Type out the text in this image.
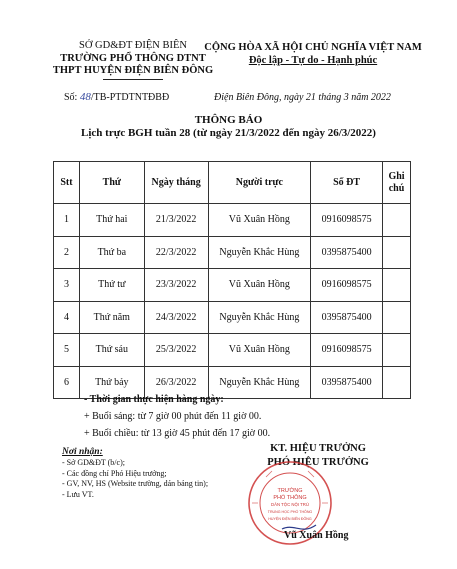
SỞ GD&ĐT ĐIỆN BIÊN
TRƯỜNG PHỔ THÔNG DTNT
THPT HUYỆN ĐIỆN BIÊN ĐÔNG
CỘNG HÒA XÃ HỘI CHỦ NGHĨA VIỆT NAM
Độc lập - Tự do - Hạnh phúc
Số: 48/TB-PTDTNTĐBĐ	Điện Biên Đông, ngày 21 tháng 3 năm 2022
THÔNG BÁO
Lịch trực BGH tuần 28 (từ ngày 21/3/2022 đến ngày 26/3/2022)
Stt	Thứ	Ngày tháng	Người trực	Số ĐT	Ghi chú
1	Thứ hai	21/3/2022	Vũ Xuân Hồng	0916098575	
2	Thứ ba	22/3/2022	Nguyễn Khắc Hùng	0395875400	
3	Thứ tư	23/3/2022	Vũ Xuân Hồng	0916098575	
4	Thứ năm	24/3/2022	Nguyễn Khắc Hùng	0395875400	
5	Thứ sáu	25/3/2022	Vũ Xuân Hồng	0916098575	
6	Thứ bảy	26/3/2022	Nguyễn Khắc Hùng	0395875400	
- Thời gian thực hiện hàng ngày:
+ Buổi sáng: từ 7 giờ 00 phút đến 11 giờ 00.
+ Buổi chiều: từ 13 giờ 45 phút đến 17 giờ 00.
Nơi nhận:
- Sở GD&ĐT (b/c);
- Các đồng chí Phó Hiệu trưởng;
- GV, NV, HS (Website trường, dán bảng tin);
- Lưu VT.
KT. HIỆU TRƯỞNG
PHÓ HIỆU TRƯỞNG
TRƯỜNG
PHỔ THÔNG
DÂN TỘC NỘI TRÚ
TRUNG HỌC PHỔ THÔNG
HUYỆN ĐIỆN BIÊN ĐÔNG
Vũ Xuân Hồng
